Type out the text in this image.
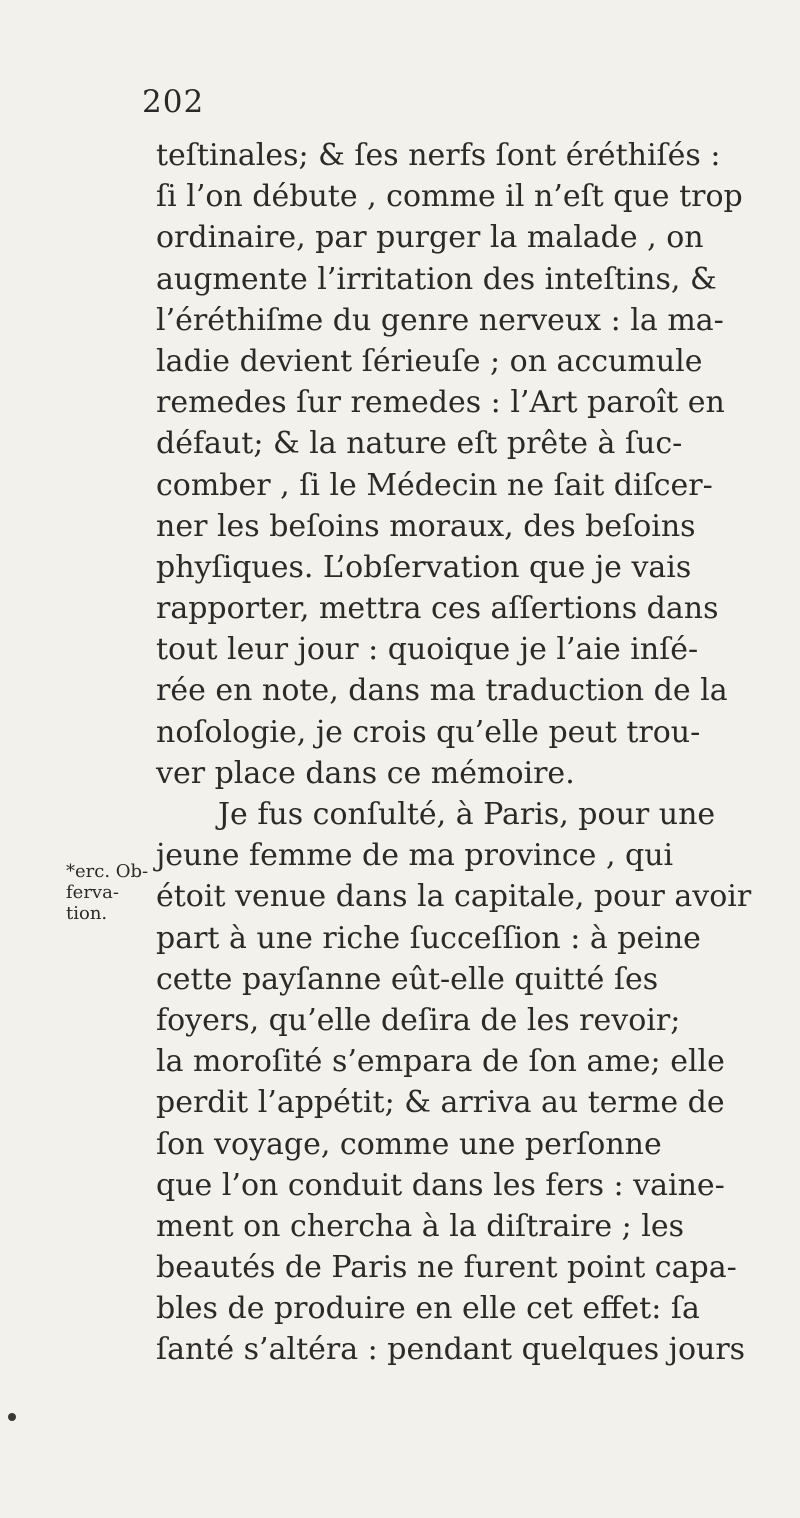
202
*erc. Ob-
ferva-
tion.
teſtinales; & ſes nerfs ſont éréthiſés :
ſi l’on débute , comme il n’eſt que trop
ordinaire, par purger la malade , on
augmente l’irritation des inteſtins, &
l’éréthiſme du genre nerveux : la ma-
ladie devient ſérieuſe ; on accumule
remedes ſur remedes : l’Art paroît en
défaut; & la nature eſt prête à ſuc-
comber , ſi le Médecin ne ſait diſcer-
ner les beſoins moraux, des beſoins
phyſiques. L’obſervation que je vais
rapporter, mettra ces aſſertions dans
tout leur jour : quoique je l’aie inſé-
rée en note, dans ma traduction de la
noſologie, je crois qu’elle peut trou-
ver place dans ce mémoire.
Je fus conſulté, à Paris, pour une
jeune femme de ma province , qui
étoit venue dans la capitale, pour avoir
part à une riche ſucceſſion : à peine
cette payſanne eût-elle quitté ſes
foyers, qu’elle deſira de les revoir;
la moroſité s’empara de ſon ame; elle
perdit l’appétit; & arriva au terme de
ſon voyage, comme une perſonne
que l’on conduit dans les fers : vaine-
ment on chercha à la diſtraire ; les
beautés de Paris ne furent point capa-
bles de produire en elle cet effet: ſa
ſanté s’altéra : pendant quelques jours
